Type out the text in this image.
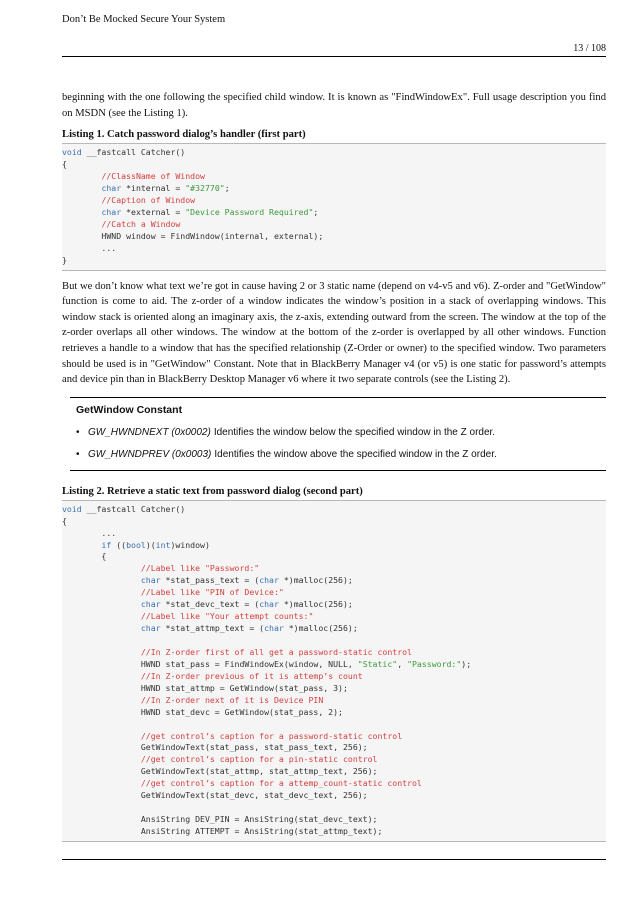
Don’t Be Mocked Secure Your System
13 / 108

beginning with the one following the specified child window. It is known as "FindWindowEx". Full usage description you find on MSDN (see the Listing 1).

Listing 1. Catch password dialog’s handler (first part)
void __fastcall Catcher()
{
//ClassName of Window
char *internal = "#32770";
//Caption of Window
char *external = "Device Password Required";
//Catch a Window
HWND window = FindWindow(internal, external);
...
}

But we don’t know what text we’re got in cause having 2 or 3 static name (depend on v4-v5 and v6). Z-order and "GetWindow" function is come to aid. The z-order of a window indicates the window’s position in a stack of overlapping windows. This window stack is oriented along an imaginary axis, the z-axis, extending outward from the screen. The window at the top of the z-order overlaps all other windows. The window at the bottom of the z-order is overlapped by all other windows. Function retrieves a handle to a window that has the specified relationship (Z-Order or owner) to the specified window. Two parameters should be used is in "GetWindow" Constant. Note that in BlackBerry Manager v4 (or v5) is one static for password’s attempts and device pin than in BlackBerry Desktop Manager v6 where it two separate controls (see the Listing 2).

GetWindow Constant
• GW_HWNDNEXT (0x0002) Identifies the window below the specified window in the Z order.
• GW_HWNDPREV (0x0003) Identifies the window above the specified window in the Z order.
Listing 2. Retrieve a static text from password dialog (second part)
void __fastcall Catcher()
{
...
if ((bool)(int)window)
{
//Label like "Password:"
char *stat_pass_text = (char *)malloc(256);
//Label like "PIN of Device:"
char *stat_devc_text = (char *)malloc(256);
//Label like "Your attempt counts:"
char *stat_attmp_text = (char *)malloc(256);
//In Z-order first of all get a password-static control
HWND stat_pass = FindWindowEx(window, NULL, "Static", "Password:");
//In Z-order previous of it is attemp’s count
HWND stat_attmp = GetWindow(stat_pass, 3);
//In Z-order next of it is Device PIN
HWND stat_devc = GetWindow(stat_pass, 2);
//get control’s caption for a password-static control
GetWindowText(stat_pass, stat_pass_text, 256);
//get control’s caption for a pin-static control
GetWindowText(stat_attmp, stat_attmp_text, 256);
//get control’s caption for a attemp_count-static control
GetWindowText(stat_devc, stat_devc_text, 256);
AnsiString DEV_PIN = AnsiString(stat_devc_text);
AnsiString ATTEMPT = AnsiString(stat_attmp_text);
